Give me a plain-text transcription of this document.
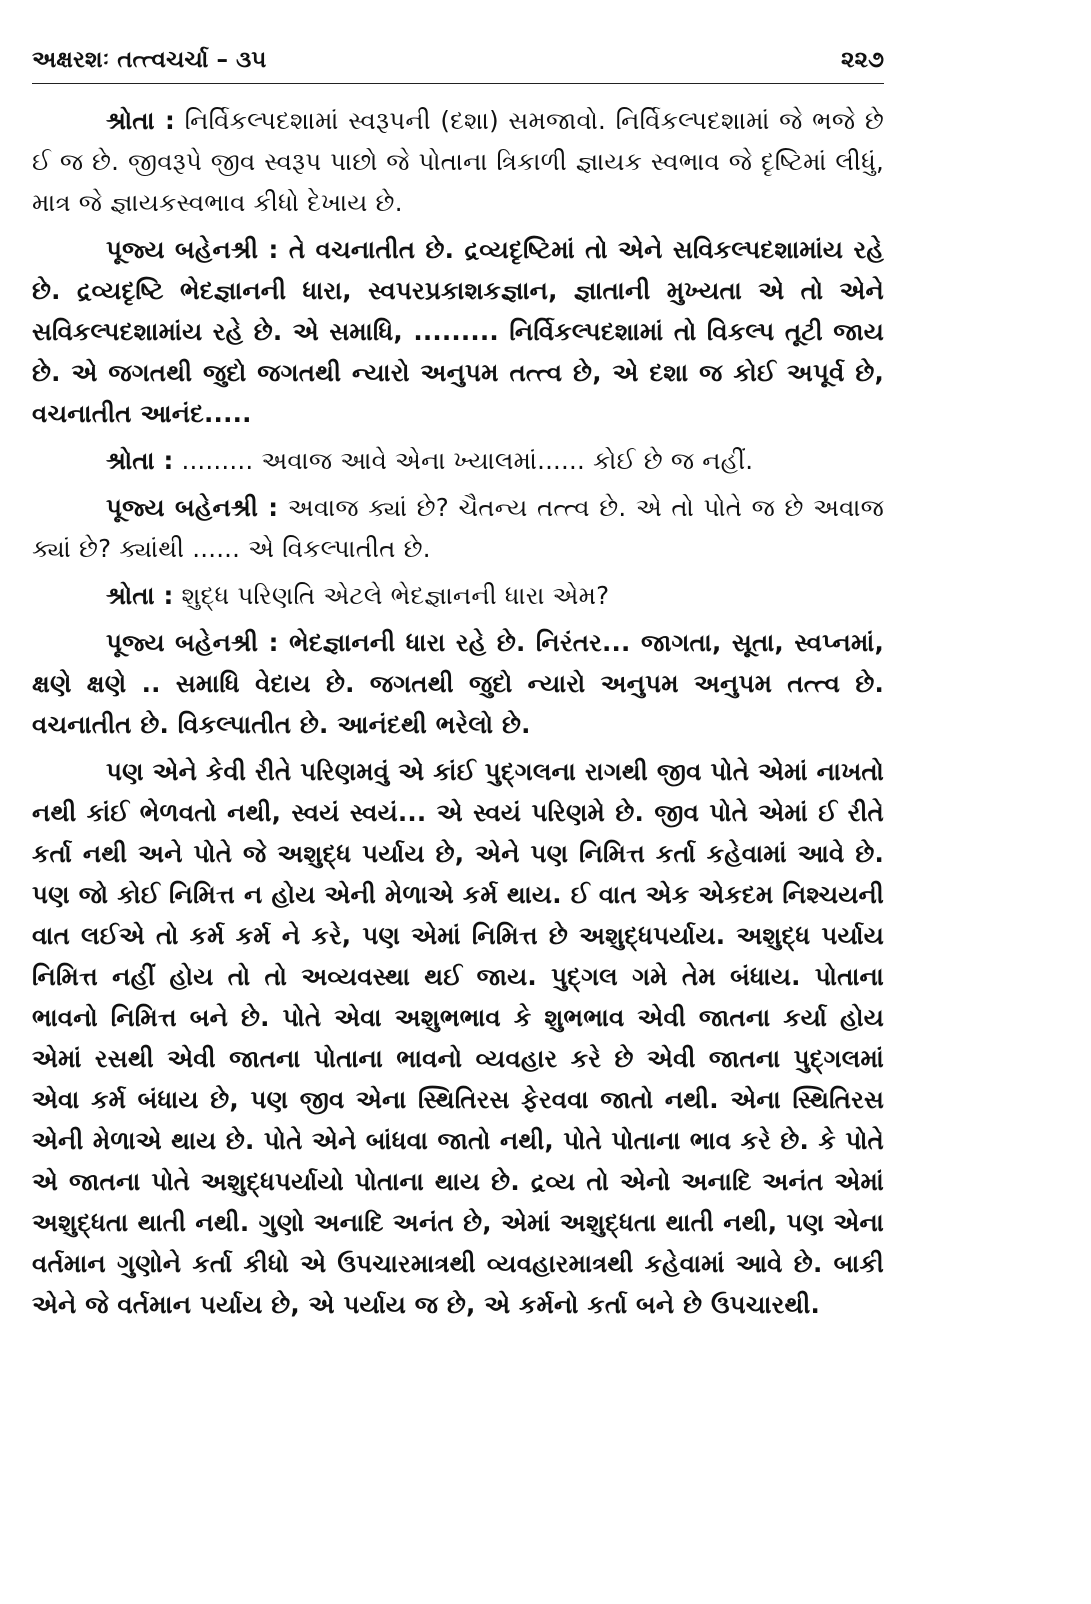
અક્ષરશઃ તત્ત્વચર્ચા – ૩૫	૨૨૭

શ્રોતા : નિર્વિકલ્પદશામાં સ્વરૂપની (દશા) સમજાવો. નિર્વિકલ્પદશામાં જે ભજે છે ઈ જ છે. જીવરૂપે જીવ સ્વરૂપ પાછો જે પોતાના ત્રિકાળી જ્ઞાયક સ્વભાવ જે દૃષ્ટિમાં લીધું, માત્ર જે જ્ઞાયકસ્વભાવ કીધો દેખાય છે.

પૂજ્ય બહેનશ્રી : તે વચનાતીત છે. દ્રવ્યદૃષ્ટિમાં તો એને સવિકલ્પદશામાંય રહે છે. દ્રવ્યદૃષ્ટિ ભેદજ્ઞાનની ધારા, સ્વપરપ્રકાશકજ્ઞાન, જ્ઞાતાની મુખ્યતા એ તો એને સવિકલ્પદશામાંય રહે છે. એ સમાધિ, ......... નિર્વિકલ્પદશામાં તો વિકલ્પ તૂટી જાય છે. એ જગતથી જુદો જગતથી ન્યારો અનુપમ તત્ત્વ છે, એ દશા જ કોઈ અપૂર્વ છે, વચનાતીત આનંદ.....

શ્રોતા : ......... અવાજ આવે એના ખ્યાલમાં...... કોઈ છે જ નહીં.

પૂજ્ય બહેનશ્રી : અવાજ ક્યાં છે? ચૈતન્ય તત્ત્વ છે. એ તો પોતે જ છે અવાજ ક્યાં છે? ક્યાંથી ...... એ વિકલ્પાતીત છે.

શ્રોતા : શુદ્ધ પરિણતિ એટલે ભેદજ્ઞાનની ધારા એમ?

પૂજ્ય બહેનશ્રી : ભેદજ્ઞાનની ધારા રહે છે. નિરંતર... જાગતા, સૂતા, સ્વપ્નમાં, ક્ષણે ક્ષણે .. સમાધિ વેદાય છે. જગતથી જુદો ન્યારો અનુપમ અનુપમ તત્ત્વ છે. વચનાતીત છે. વિકલ્પાતીત છે. આનંદથી ભરેલો છે.

પણ એને કેવી રીતે પરિણમવું એ કાંઈ પુદ્ગલના રાગથી જીવ પોતે એમાં નાખતો નથી કાંઈ ભેળવતો નથી, સ્વયં સ્વયં... એ સ્વયં પરિણમે છે. જીવ પોતે એમાં ઈ રીતે કર્તા નથી અને પોતે જે અશુદ્ધ પર્યાય છે, એને પણ નિમિત્ત કર્તા કહેવામાં આવે છે. પણ જો કોઈ નિમિત્ત ન હોય એની મેળાએ કર્મ થાય. ઈ વાત એક એકદમ નિશ્ચયની વાત લઈએ તો કર્મ કર્મ ને કરે, પણ એમાં નિમિત્ત છે અશુદ્ધપર્યાય. અશુદ્ધ પર્યાય નિમિત્ત નહીં હોય તો તો અવ્યવસ્થા થઈ જાય. પુદ્ગલ ગમે તેમ બંધાય. પોતાના ભાવનો નિમિત્ત બને છે. પોતે એવા અશુભભાવ કે શુભભાવ એવી જાતના કર્યા હોય એમાં રસથી એવી જાતના પોતાના ભાવનો વ્યવહાર કરે છે એવી જાતના પુદ્ગલમાં એવા કર્મ બંધાય છે, પણ જીવ એના સ્થિતિરસ ફેરવવા જાતો નથી. એના સ્થિતિરસ એની મેળાએ થાય છે. પોતે એને બાંધવા જાતો નથી, પોતે પોતાના ભાવ કરે છે. કે પોતે એ જાતના પોતે અશુદ્ધપર્યાયો પોતાના થાય છે. દ્રવ્ય તો એનો અનાદિ અનંત એમાં અશુદ્ધતા થાતી નથી. ગુણો અનાદિ અનંત છે, એમાં અશુદ્ધતા થાતી નથી, પણ એના વર્તમાન ગુણોને કર્તા કીધો એ ઉપચારમાત્રથી વ્યવહારમાત્રથી કહેવામાં આવે છે. બાકી એને જે વર્તમાન પર્યાય છે, એ પર્યાય જ છે, એ કર્મનો કર્તા બને છે ઉપચારથી.
